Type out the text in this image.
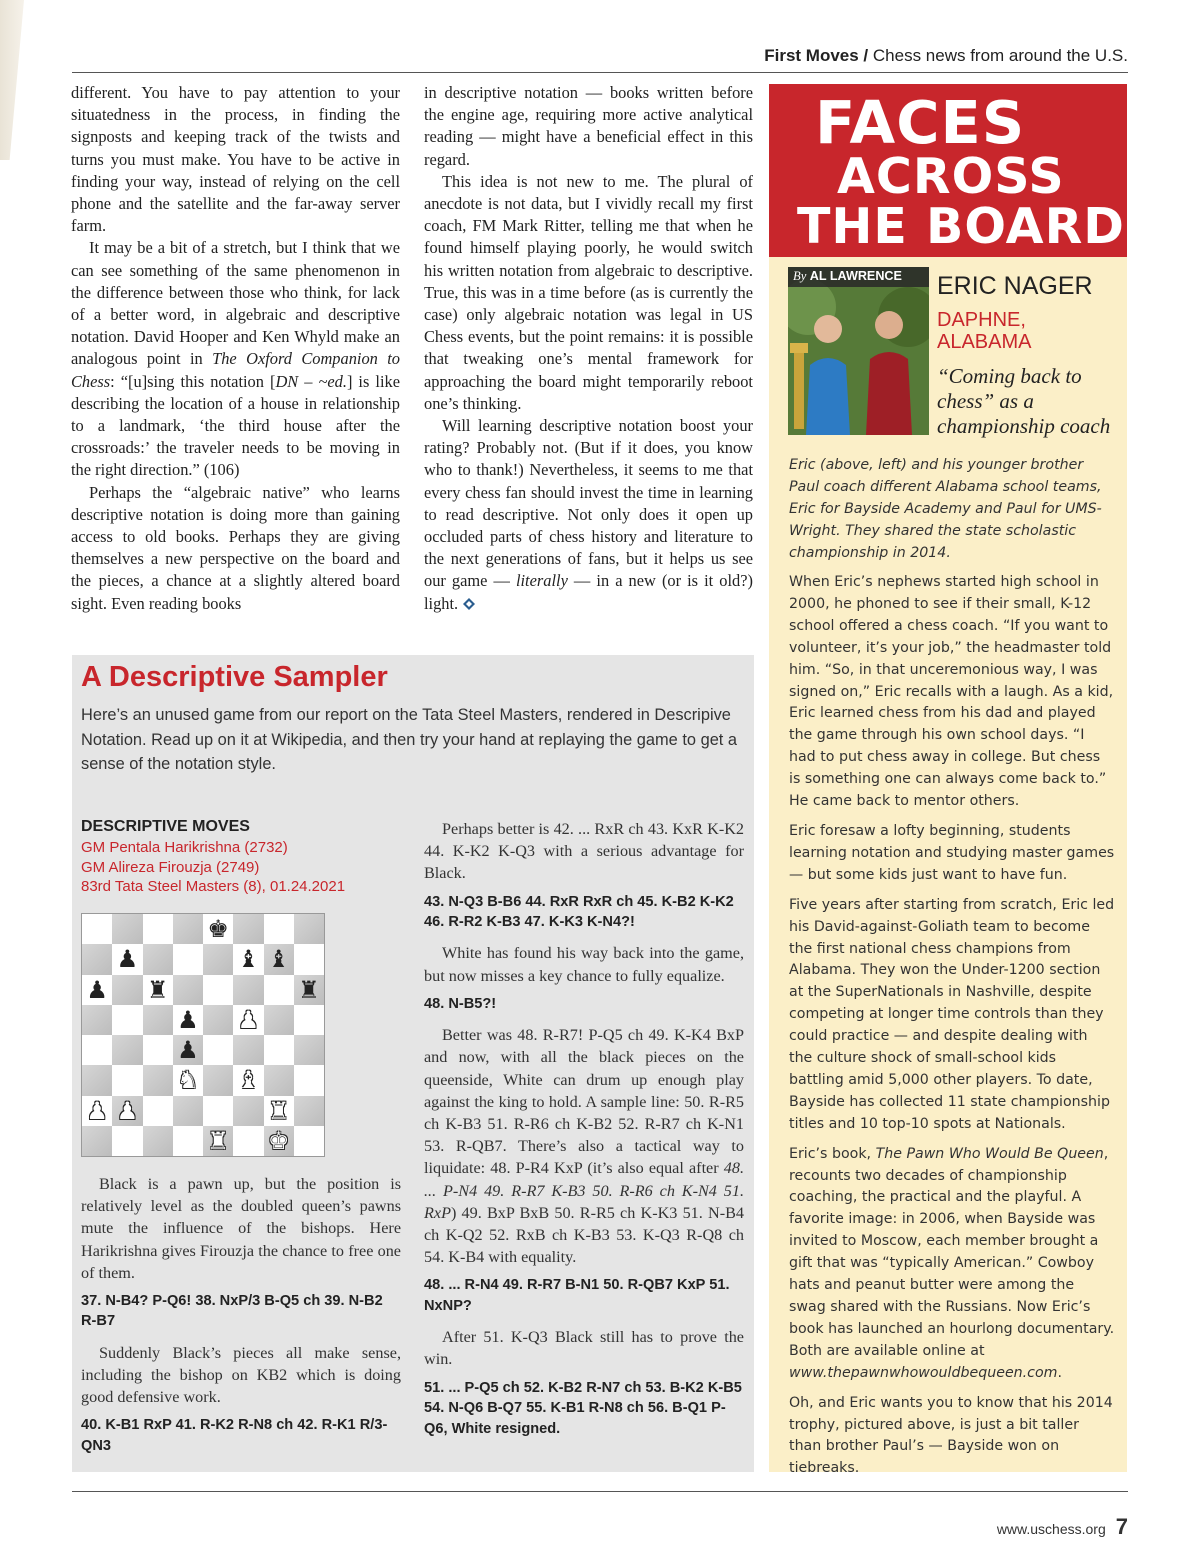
First Moves / Chess news from around the U.S.

different. You have to pay attention to your situatedness in the process, in finding the signposts and keeping track of the twists and turns you must make. You have to be active in finding your way, instead of relying on the cell phone and the satellite and the far-away server farm.

It may be a bit of a stretch, but I think that we can see something of the same phenomenon in the difference between those who think, for lack of a better word, in algebraic and descriptive notation. David Hooper and Ken Whyld make an analogous point in The Oxford Companion to Chess: “[u]sing this notation [DN – ~ed.] is like describing the location of a house in relationship to a landmark, ‘the third house after the crossroads:’ the traveler needs to be moving in the right direction.” (106)

Perhaps the “algebraic native” who learns descriptive notation is doing more than gaining access to old books. Perhaps they are giving themselves a new perspective on the board and the pieces, a chance at a slightly altered board sight. Even reading books

in descriptive notation — books written before the engine age, requiring more active analytical reading — might have a beneficial effect in this regard.

This idea is not new to me. The plural of anecdote is not data, but I vividly recall my first coach, FM Mark Ritter, telling me that when he found himself playing poorly, he would switch his written notation from algebraic to descriptive. True, this was in a time before (as is currently the case) only algebraic notation was legal in US Chess events, but the point remains: it is possible that tweaking one’s mental framework for approaching the board might temporarily reboot one’s thinking.

Will learning descriptive notation boost your rating? Probably not. (But if it does, you know who to thank!) Nevertheless, it seems to me that every chess fan should invest the time in learning to read descriptive. Not only does it open up occluded parts of chess history and literature to the next generations of fans, but it helps us see our game — literally — in a new (or is it old?) light.

A Descriptive Sampler
Here’s an unused game from our report on the Tata Steel Masters, rendered in Descripive Notation. Read up on it at Wikipedia, and then try your hand at replaying the game to get a sense of the notation style.
DESCRIPTIVE MOVES
GM Pentala Harikrishna (2732)
GM Alireza Firouzja (2749)
83rd Tata Steel Masters (8), 01.24.2021
♚
♟	♝ ♝
♟ ♜	♜
♟ ♟
♟
♞ ♝
♟ ♟	♜
♜ ♚

Black is a pawn up, but the position is relatively level as the doubled queen’s pawns mute the influence of the bishops. Here Harikrishna gives Firouzja the chance to free one of them.

37. N-B4? P-Q6! 38. NxP/3 B-Q5 ch 39. N-B2 R-B7

Suddenly Black’s pieces all make sense, including the bishop on KB2 which is doing good defensive work.

40. K-B1 RxP 41. R-K2 R-N8 ch 42. R-K1 R/3-QN3

Perhaps better is 42. ... RxR ch 43. KxR K-K2 44. K-K2 K-Q3 with a serious advantage for Black.

43. N-Q3 B-B6 44. RxR RxR ch 45. K-B2 K-K2 46. R-R2 K-B3 47. K-K3 K-N4?!

White has found his way back into the game, but now misses a key chance to fully equalize.

48. N-B5?!

Better was 48. R-R7! P-Q5 ch 49. K-K4 BxP and now, with all the black pieces on the queenside, White can drum up enough play against the king to hold. A sample line: 50. R-R5 ch K-B3 51. R-R6 ch K-B2 52. R-R7 ch K-N1 53. R-QB7. There’s also a tactical way to liquidate: 48. P-R4 KxP (it’s also equal after 48. ... P-N4 49. R-R7 K-B3 50. R-R6 ch K-N4 51. RxP) 49. BxP BxB 50. R-R5 ch K-K3 51. N-B4 ch K-Q2 52. RxB ch K-B3 53. K-Q3 R-Q8 ch 54. K-B4 with equality.

48. ... R-N4 49. R-R7 B-N1 50. R-QB7 KxP 51. NxNP?

After 51. K-Q3 Black still has to prove the win.

51. ... P-Q5 ch 52. K-B2 R-N7 ch 53. B-K2 K-B5 54. N-Q6 B-Q7 55. K-B1 R-N8 ch 56. B-Q1 P-Q6, White resigned.

FACES
ACROSS
THE BOARD
By AL LAWRENCE	ERIC NAGER
DAPHNE,
ALABAMA
“Coming back to chess” as a championship coach
Eric (above, left) and his younger brother Paul coach different Alabama school teams, Eric for Bayside Academy and Paul for UMS-Wright. They shared the state scholastic championship in 2014.

When Eric’s nephews started high school in 2000, he phoned to see if their small, K-12 school offered a chess coach. “If you want to volunteer, it’s your job,” the headmaster told him. “So, in that unceremonious way, I was signed on,” Eric recalls with a laugh. As a kid, Eric learned chess from his dad and played the game through his own school days. “I had to put chess away in college. But chess is something one can always come back to.” He came back to mentor others.

Eric foresaw a lofty beginning, students learning notation and studying master games — but some kids just want to have fun.

Five years after starting from scratch, Eric led his David-against-Goliath team to become the first national chess champions from Alabama. They won the Under-1200 section at the SuperNationals in Nashville, despite competing at longer time controls than they could practice — and despite dealing with the culture shock of small-school kids battling amid 5,000 other players. To date, Bayside has collected 11 state championship titles and 10 top-10 spots at Nationals.

Eric’s book, The Pawn Who Would Be Queen, recounts two decades of championship coaching, the practical and the playful. A favorite image: in 2006, when Bayside was invited to Moscow, each member brought a gift that was “typically American.” Cowboy hats and peanut butter were among the swag shared with the Russians. Now Eric’s book has launched an hourlong documentary. Both are available online at www.thepawnwhowouldbequeen.com.

Oh, and Eric wants you to know that his 2014 trophy, pictured above, is just a bit taller than brother Paul’s — Bayside won on tiebreaks.

www.uschess.org 7
